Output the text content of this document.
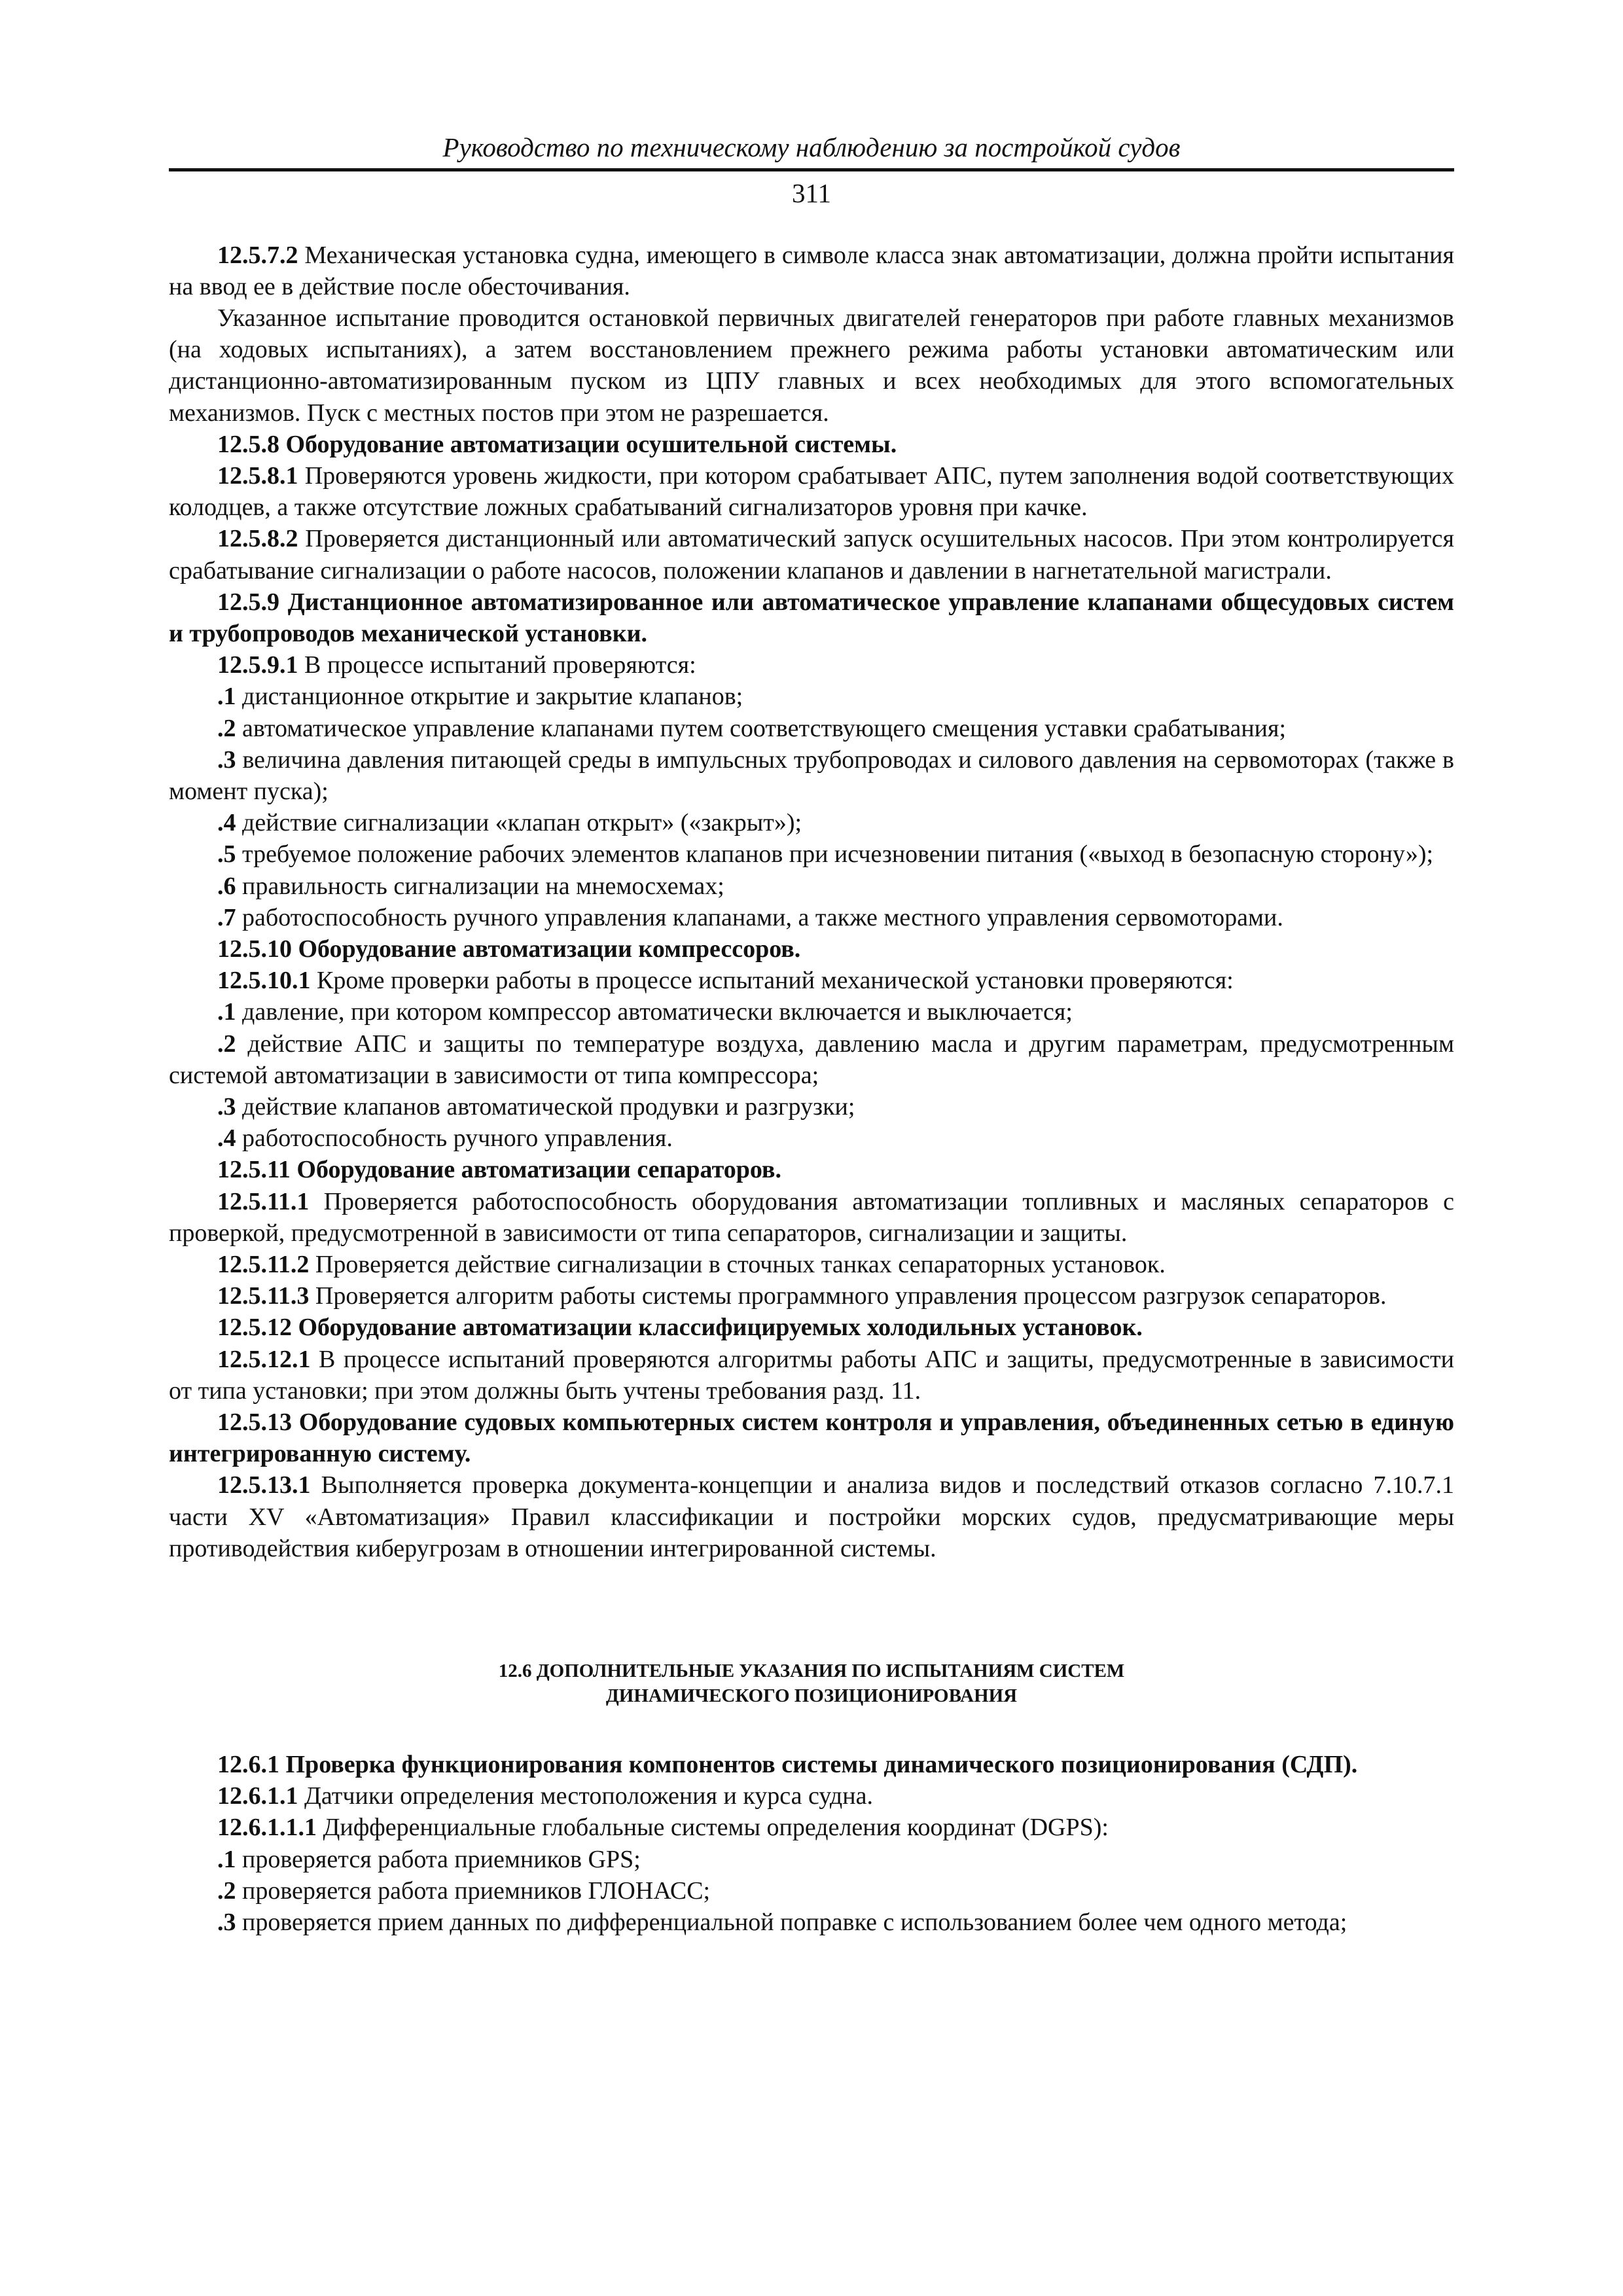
Руководство по техническому наблюдению за постройкой судов
311

12.5.7.2 Механическая установка судна, имеющего в символе класса знак автоматизации, должна пройти испытания на ввод ее в действие после обесточивания.

Указанное испытание проводится остановкой первичных двигателей генераторов при работе главных механизмов (на ходовых испытаниях), а затем восстановлением прежнего режима работы установки автоматическим или дистанционно-автоматизированным пуском из ЦПУ главных и всех необходимых для этого вспомогательных механизмов. Пуск с местных постов при этом не разрешается.

12.5.8 Оборудование автоматизации осушительной системы.

12.5.8.1 Проверяются уровень жидкости, при котором срабатывает АПС, путем заполнения водой соответствующих колодцев, а также отсутствие ложных срабатываний сигнализаторов уровня при качке.

12.5.8.2 Проверяется дистанционный или автоматический запуск осушительных насосов. При этом контролируется срабатывание сигнализации о работе насосов, положении клапанов и давлении в нагнетательной магистрали.

12.5.9 Дистанционное автоматизированное или автоматическое управление клапанами общесудовых систем и трубопроводов механической установки.

12.5.9.1 В процессе испытаний проверяются:

.1 дистанционное открытие и закрытие клапанов;

.2 автоматическое управление клапанами путем соответствующего смещения уставки срабатывания;

.3 величина давления питающей среды в импульсных трубопроводах и силового давления на сервомоторах (также в момент пуска);

.4 действие сигнализации «клапан открыт» («закрыт»);

.5 требуемое положение рабочих элементов клапанов при исчезновении питания («выход в безопасную сторону»);

.6 правильность сигнализации на мнемосхемах;

.7 работоспособность ручного управления клапанами, а также местного управления сервомоторами.

12.5.10 Оборудование автоматизации компрессоров.

12.5.10.1 Кроме проверки работы в процессе испытаний механической установки проверяются:

.1 давление, при котором компрессор автоматически включается и выключается;

.2 действие АПС и защиты по температуре воздуха, давлению масла и другим параметрам, предусмотренным системой автоматизации в зависимости от типа компрессора;

.3 действие клапанов автоматической продувки и разгрузки;

.4 работоспособность ручного управления.

12.5.11 Оборудование автоматизации сепараторов.

12.5.11.1 Проверяется работоспособность оборудования автоматизации топливных и масляных сепараторов с проверкой, предусмотренной в зависимости от типа сепараторов, сигнализации и защиты.

12.5.11.2 Проверяется действие сигнализации в сточных танках сепараторных установок.

12.5.11.3 Проверяется алгоритм работы системы программного управления процессом разгрузок сепараторов.

12.5.12 Оборудование автоматизации классифицируемых холодильных установок.

12.5.12.1 В процессе испытаний проверяются алгоритмы работы АПС и защиты, предусмотренные в зависимости от типа установки; при этом должны быть учтены требования разд. 11.

12.5.13 Оборудование судовых компьютерных систем контроля и управления, объединенных сетью в единую интегрированную систему.

12.5.13.1 Выполняется проверка документа-концепции и анализа видов и последствий отказов согласно 7.10.7.1 части XV «Автоматизация» Правил классификации и постройки морских судов, предусматривающие меры противодействия киберугрозам в отношении интегрированной системы.

12.6 ДОПОЛНИТЕЛЬНЫЕ УКАЗАНИЯ ПО ИСПЫТАНИЯМ СИСТЕМ
ДИНАМИЧЕСКОГО ПОЗИЦИОНИРОВАНИЯ

12.6.1 Проверка функционирования компонентов системы динамического позиционирования (СДП).

12.6.1.1 Датчики определения местоположения и курса судна.

12.6.1.1.1 Дифференциальные глобальные системы определения координат (DGPS):

.1 проверяется работа приемников GPS;

.2 проверяется работа приемников ГЛОНАСС;

.3 проверяется прием данных по дифференциальной поправке с использованием более чем одного метода;
